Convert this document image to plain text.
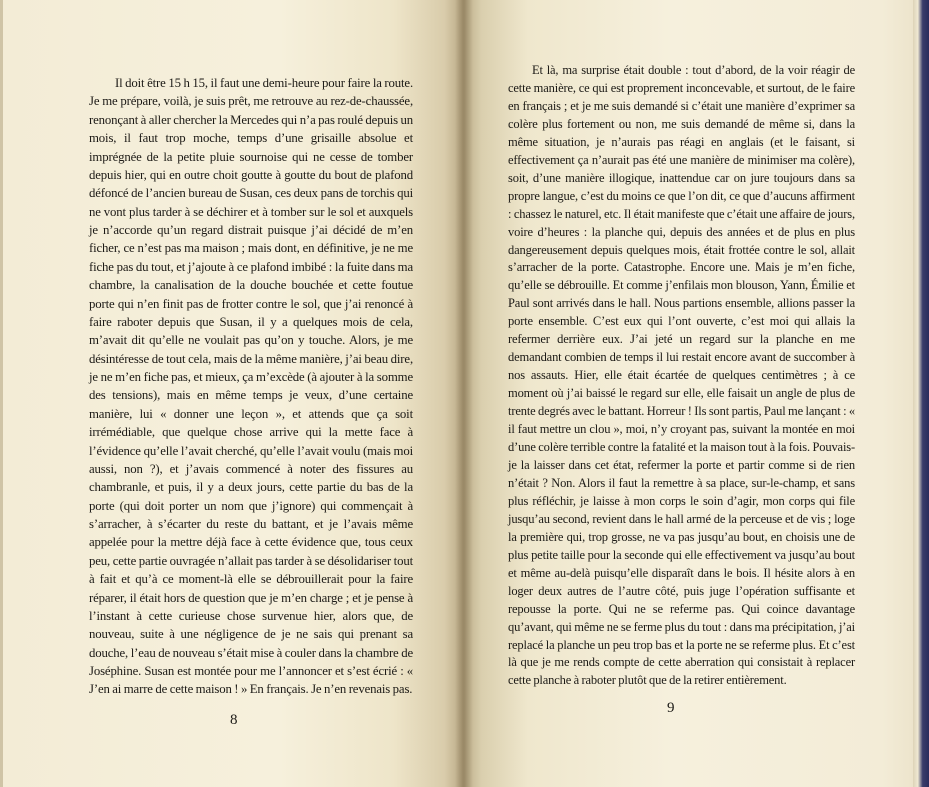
Il doit être 15 h 15, il faut une demi-heure pour faire la route. Je me prépare, voilà, je suis prêt, me retrouve au rez-de-chaussée, renonçant à aller chercher la Mercedes qui n’a pas roulé depuis un mois, il faut trop moche, temps d’une grisaille absolue et imprégnée de la petite pluie sournoise qui ne cesse de tomber depuis hier, qui en outre choit goutte à goutte du bout de plafond défoncé de l’ancien bureau de Susan, ces deux pans de torchis qui ne vont plus tarder à se déchirer et à tomber sur le sol et auxquels je n’accorde qu’un regard distrait puisque j’ai décidé de m’en ficher, ce n’est pas ma maison ; mais dont, en définitive, je ne me fiche pas du tout, et j’ajoute à ce plafond imbibé : la fuite dans ma chambre, la canalisation de la douche bouchée et cette foutue porte qui n’en finit pas de frotter contre le sol, que j’ai renoncé à faire raboter depuis que Susan, il y a quelques mois de cela, m’avait dit qu’elle ne voulait pas qu’on y touche. Alors, je me désintéresse de tout cela, mais de la même manière, j’ai beau dire, je ne m’en fiche pas, et mieux, ça m’excède (à ajouter à la somme des tensions), mais en même temps je veux, d’une certaine manière, lui « donner une leçon », et attends que ça soit irrémédiable, que quelque chose arrive qui la mette face à l’évidence qu’elle l’avait cherché, qu’elle l’avait voulu (mais moi aussi, non ?), et j’avais commencé à noter des fissures au chambranle, et puis, il y a deux jours, cette partie du bas de la porte (qui doit porter un nom que j’ignore) qui commençait à s’arracher, à s’écarter du reste du battant, et je l’avais même appelée pour la mettre déjà face à cette évidence que, tous ceux peu, cette partie ouvragée n’allait pas tarder à se désolidariser tout à fait et qu’à ce moment-là elle se débrouillerait pour la faire réparer, il était hors de question que je m’en charge ; et je pense à l’instant à cette curieuse chose survenue hier, alors que, de nouveau, suite à une négligence de je ne sais qui prenant sa douche, l’eau de nouveau s’était mise à couler dans la chambre de Joséphine. Susan est montée pour me l’annoncer et s’est écrié : « J’en ai marre de cette maison ! » En français. Je n’en revenais pas.

8

Et là, ma surprise était double : tout d’abord, de la voir réagir de cette manière, ce qui est proprement inconcevable, et surtout, de le faire en français ; et je me suis demandé si c’était une manière d’exprimer sa colère plus fortement ou non, me suis demandé de même si, dans la même situation, je n’aurais pas réagi en anglais (et le faisant, si effectivement ça n’aurait pas été une manière de minimiser ma colère), soit, d’une manière illogique, inattendue car on jure toujours dans sa propre langue, c’est du moins ce que l’on dit, ce que d’aucuns affirment : chassez le naturel, etc. Il était manifeste que c’était une affaire de jours, voire d’heures : la planche qui, depuis des années et de plus en plus dangereusement depuis quelques mois, était frottée contre le sol, allait s’arracher de la porte. Catastrophe. Encore une. Mais je m’en fiche, qu’elle se débrouille. Et comme j’enfilais mon blouson, Yann, Émilie et Paul sont arrivés dans le hall. Nous partions ensemble, allions passer la porte ensemble. C’est eux qui l’ont ouverte, c’est moi qui allais la refermer derrière eux. J’ai jeté un regard sur la planche en me demandant combien de temps il lui restait encore avant de succomber à nos assauts. Hier, elle était écartée de quelques centimètres ; à ce moment où j’ai baissé le regard sur elle, elle faisait un angle de plus de trente degrés avec le battant. Horreur ! Ils sont partis, Paul me lançant : « il faut mettre un clou », moi, n’y croyant pas, suivant la montée en moi d’une colère terrible contre la fatalité et la maison tout à la fois. Pouvais-je la laisser dans cet état, refermer la porte et partir comme si de rien n’était ? Non. Alors il faut la remettre à sa place, sur-le-champ, et sans plus réfléchir, je laisse à mon corps le soin d’agir, mon corps qui file jusqu’au second, revient dans le hall armé de la perceuse et de vis ; loge la première qui, trop grosse, ne va pas jusqu’au bout, en choisis une de plus petite taille pour la seconde qui elle effectivement va jusqu’au bout et même au-delà puisqu’elle disparaît dans le bois. Il hésite alors à en loger deux autres de l’autre côté, puis juge l’opération suffisante et repousse la porte. Qui ne se referme pas. Qui coince davantage qu’avant, qui même ne se ferme plus du tout : dans ma précipitation, j’ai replacé la planche un peu trop bas et la porte ne se referme plus. Et c’est là que je me rends compte de cette aberration qui consistait à replacer cette planche à raboter plutôt que de la retirer entièrement.

9
